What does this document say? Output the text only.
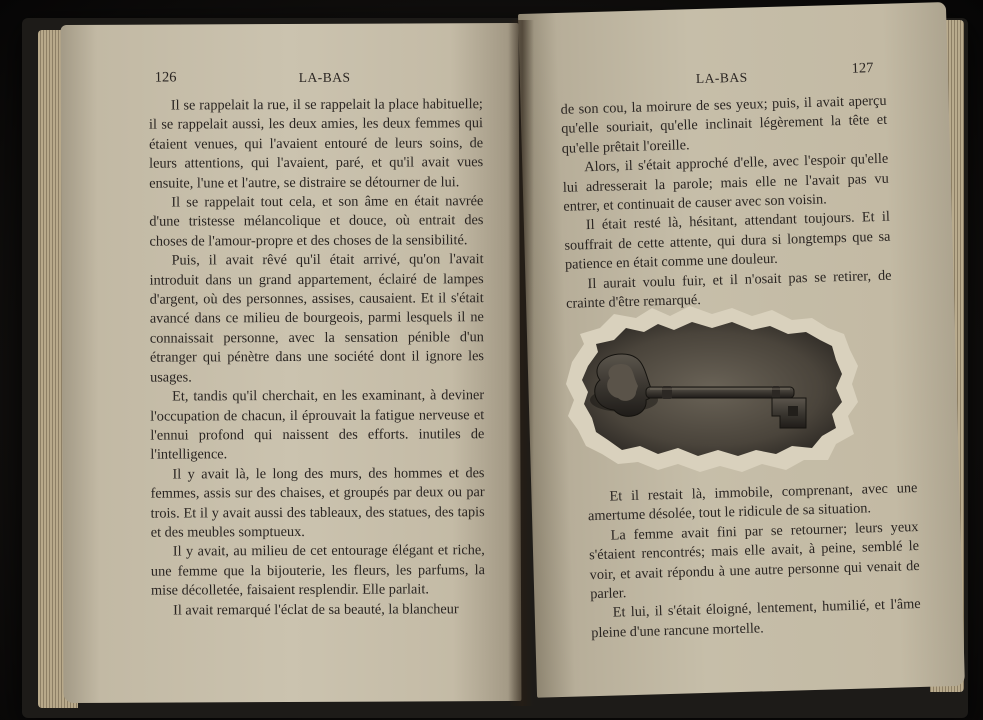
126	LA-BAS

Il se rappelait la rue, il se rappelait la place habituelle; il se rappelait aussi, les deux amies, les deux femmes qui étaient venues, qui l'avaient entouré de leurs soins, de leurs attentions, qui l'avaient, paré, et qu'il avait vues ensuite, l'une et l'autre, se distraire se détourner de lui.

Il se rappelait tout cela, et son âme en était navrée d'une tristesse mélancolique et douce, où entrait des choses de l'amour-propre et des choses de la sensibilité.

Puis, il avait rêvé qu'il était arrivé, qu'on l'avait introduit dans un grand appartement, éclairé de lampes d'argent, où des personnes, assises, causaient. Et il s'était avancé dans ce milieu de bourgeois, parmi lesquels il ne connaissait personne, avec la sensation pénible d'un étranger qui pénètre dans une société dont il ignore les usages.

Et, tandis qu'il cherchait, en les examinant, à deviner l'occupation de chacun, il éprouvait la fatigue nerveuse et l'ennui profond qui naissent des efforts. inutiles de l'intelligence.

Il y avait là, le long des murs, des hommes et des femmes, assis sur des chaises, et groupés par deux ou par trois. Et il y avait aussi des tableaux, des statues, des tapis et des meubles somptueux.

Il y avait, au milieu de cet entourage élégant et riche, une femme que la bijouterie, les fleurs, les parfums, la mise décolletée, faisaient resplendir. Elle parlait.

Il avait remarqué l'éclat de sa beauté, la blancheur

LA-BAS
127

de son cou, la moirure de ses yeux; puis, il avait aperçu qu'elle souriait, qu'elle inclinait légèrement la tête et qu'elle prêtait l'oreille.

Alors, il s'était approché d'elle, avec l'espoir qu'elle lui adresserait la parole; mais elle ne l'avait pas vu entrer, et continuait de causer avec son voisin.

Il était resté là, hésitant, attendant toujours. Et il souffrait de cette attente, qui dura si longtemps que sa patience en était comme une douleur.

Il aurait voulu fuir, et il n'osait pas se retirer, de crainte d'être remarqué.

Et il restait là, immobile, comprenant, avec une amertume désolée, tout le ridicule de sa situation.

La femme avait fini par se retourner; leurs yeux s'étaient rencontrés; mais elle avait, à peine, semblé le voir, et avait répondu à une autre personne qui venait de parler.

Et lui, il s'était éloigné, lentement, humilié, et l'âme pleine d'une rancune mortelle.
